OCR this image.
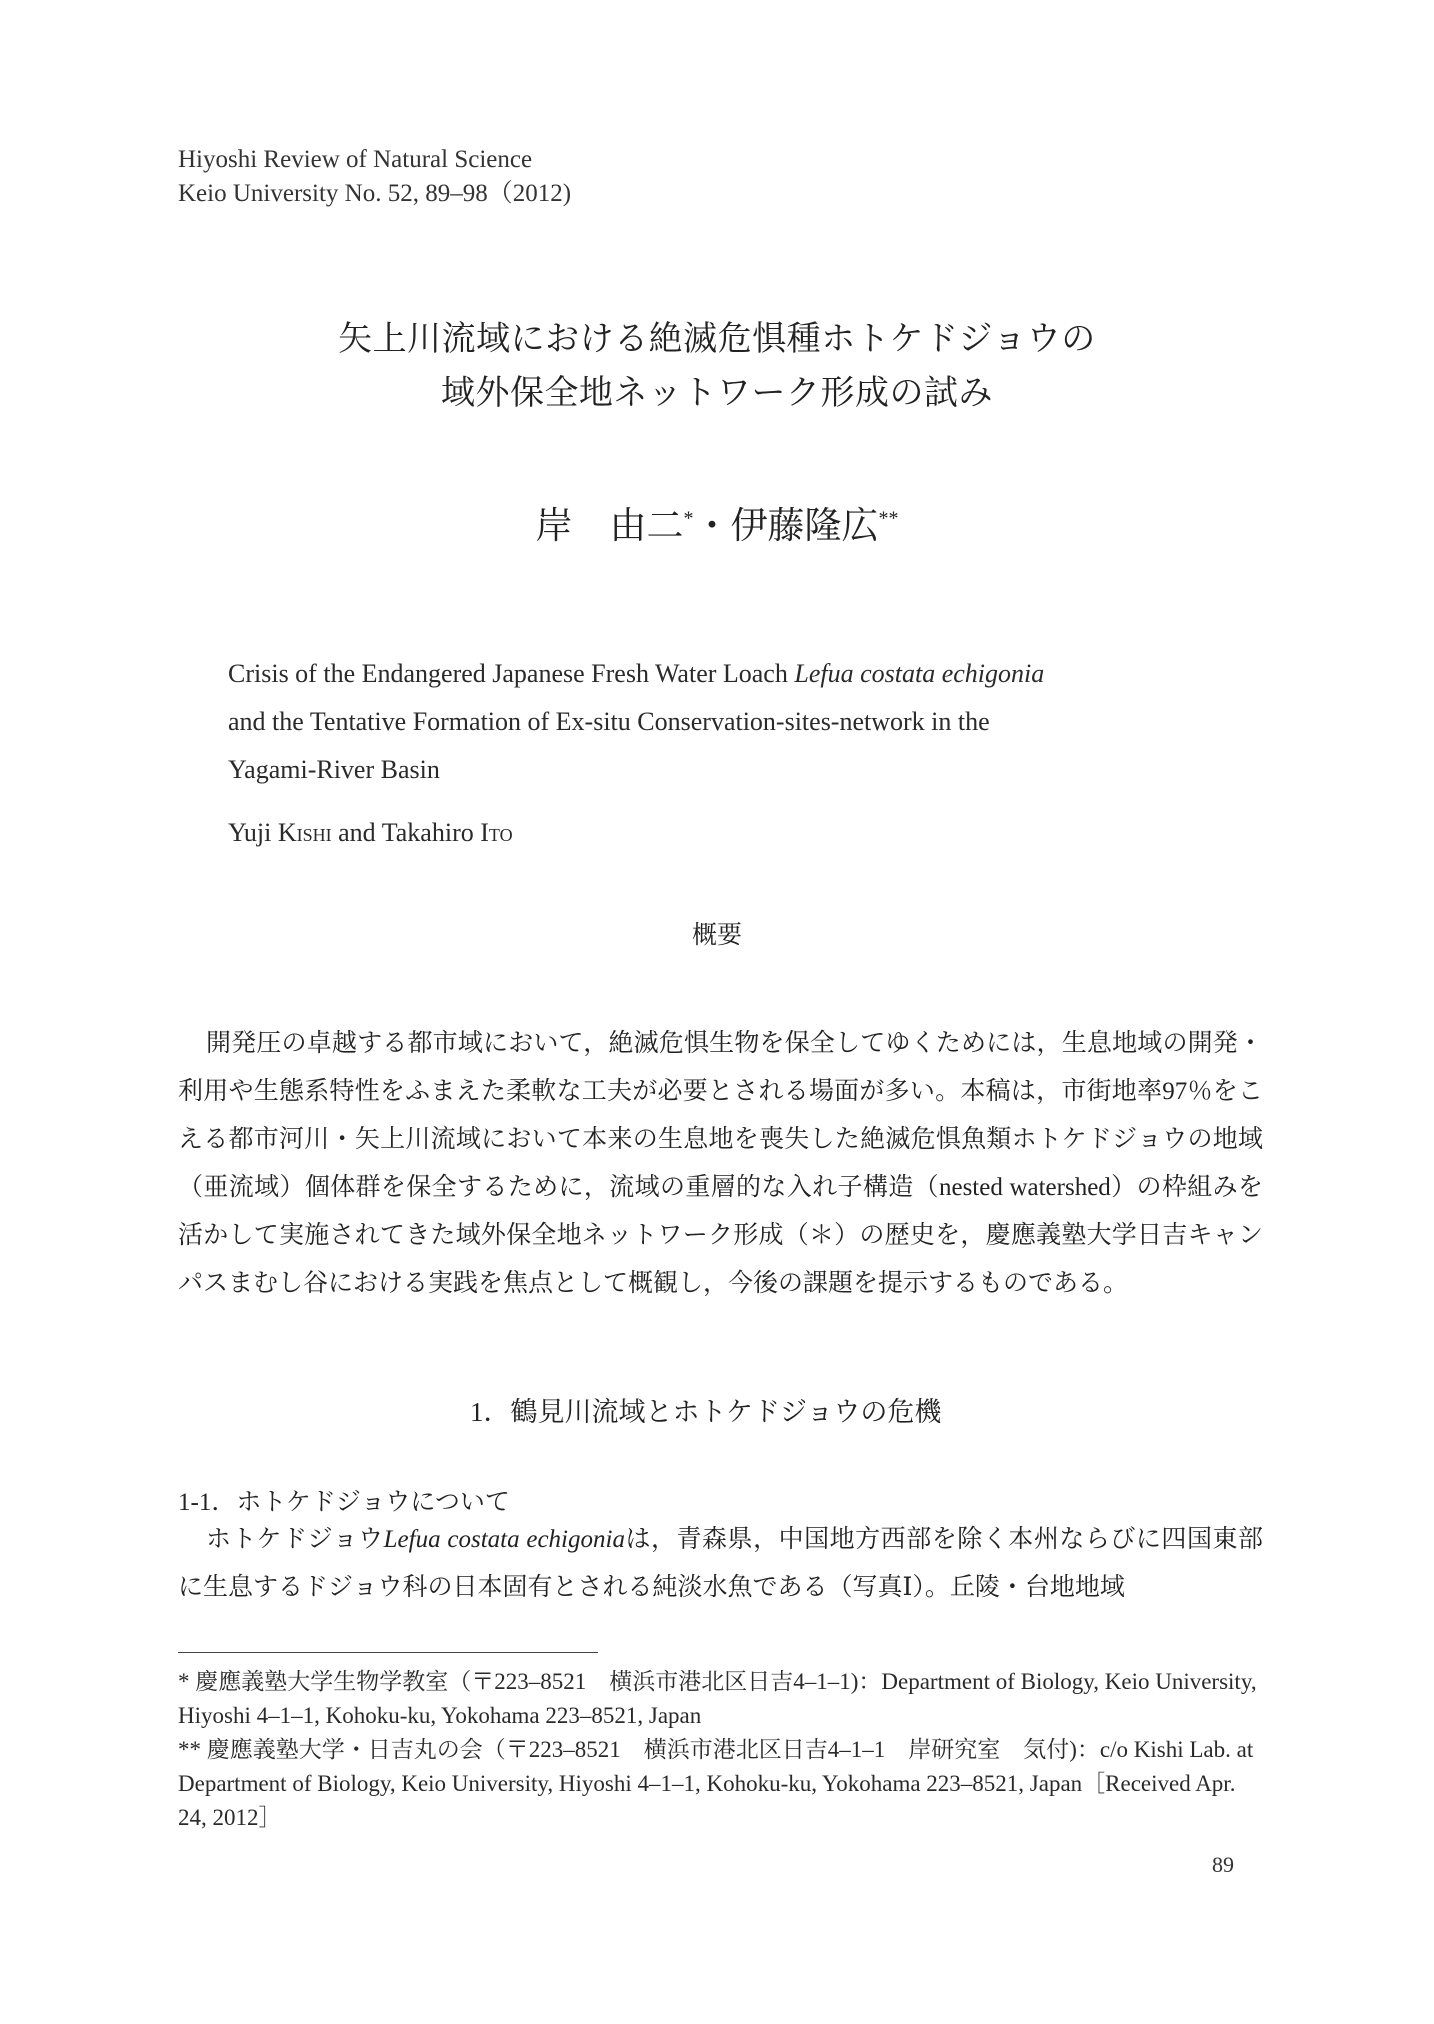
Hiyoshi Review of Natural Science
Keio University No. 52, 89–98（2012)
矢上川流域における絶滅危惧種ホトケドジョウの
域外保全地ネットワーク形成の試み
岸　由二*・伊藤隆広**
Crisis of the Endangered Japanese Fresh Water Loach Lefua costata echigonia
and the Tentative Formation of Ex-situ Conservation-sites-network in the
Yagami-River Basin
Yuji Kishi and Takahiro Ito
概要

開発圧の卓越する都市域において，絶滅危惧生物を保全してゆくためには，生息地域の開発・利用や生態系特性をふまえた柔軟な工夫が必要とされる場面が多い。本稿は，市街地率97％をこえる都市河川・矢上川流域において本来の生息地を喪失した絶滅危惧魚類ホトケドジョウの地域（亜流域）個体群を保全するために，流域の重層的な入れ子構造（nested watershed）の枠組みを活かして実施されてきた域外保全地ネットワーク形成（＊）の歴史を，慶應義塾大学日吉キャンパスまむし谷における実践を焦点として概観し，今後の課題を提示するものである。

1．鶴見川流域とホトケドジョウの危機
1-1．ホトケドジョウについて

ホトケドジョウLefua costata echigoniaは，青森県，中国地方西部を除く本州ならびに四国東部に生息するドジョウ科の日本固有とされる純淡水魚である（写真Ⅰ）。丘陵・台地地域

* 慶應義塾大学生物学教室（〒223–8521　横浜市港北区日吉4–1–1)：Department of Biology, Keio University, Hiyoshi 4–1–1, Kohoku-ku, Yokohama 223–8521, Japan

** 慶應義塾大学・日吉丸の会（〒223–8521　横浜市港北区日吉4–1–1　岸研究室　気付)：c/o Kishi Lab. at Department of Biology, Keio University, Hiyoshi 4–1–1, Kohoku-ku, Yokohama 223–8521, Japan［Received Apr. 24, 2012］

89
